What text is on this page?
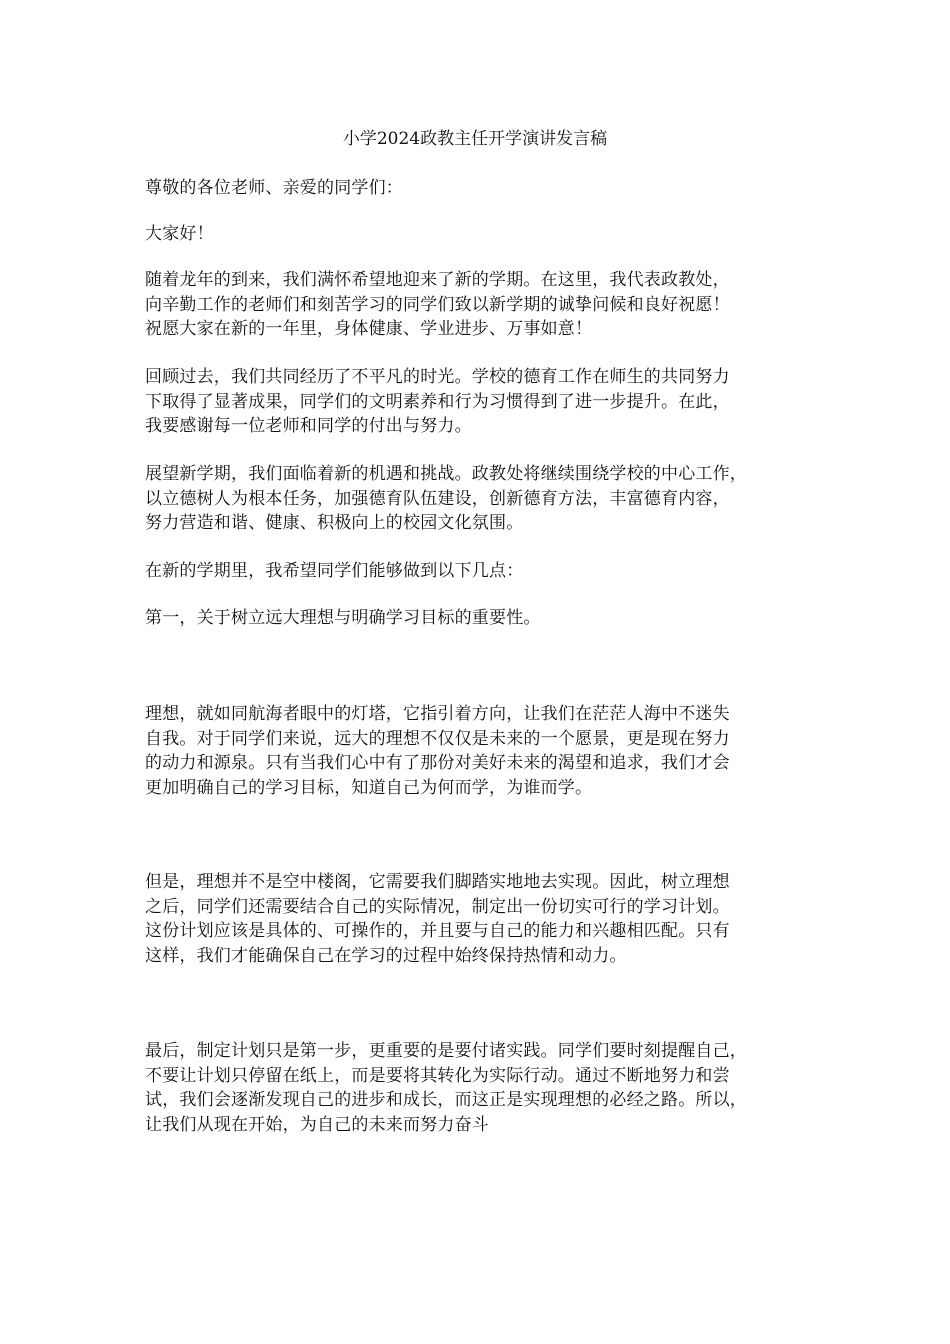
小学2024政教主任开学演讲发言稿

尊敬的各位老师、亲爱的同学们：

大家好！

随着龙年的到来，我们满怀希望地迎来了新的学期。在这里，我代表政教处，
向辛勤工作的老师们和刻苦学习的同学们致以新学期的诚挚问候和良好祝愿！
祝愿大家在新的一年里，身体健康、学业进步、万事如意！

回顾过去，我们共同经历了不平凡的时光。学校的德育工作在师生的共同努力
下取得了显著成果，同学们的文明素养和行为习惯得到了进一步提升。在此，
我要感谢每一位老师和同学的付出与努力。

展望新学期，我们面临着新的机遇和挑战。政教处将继续围绕学校的中心工作，
以立德树人为根本任务，加强德育队伍建设，创新德育方法，丰富德育内容，
努力营造和谐、健康、积极向上的校园文化氛围。

在新的学期里，我希望同学们能够做到以下几点：

第一，关于树立远大理想与明确学习目标的重要性。

理想，就如同航海者眼中的灯塔，它指引着方向，让我们在茫茫人海中不迷失
自我。对于同学们来说，远大的理想不仅仅是未来的一个愿景，更是现在努力
的动力和源泉。只有当我们心中有了那份对美好未来的渴望和追求，我们才会
更加明确自己的学习目标，知道自己为何而学，为谁而学。

但是，理想并不是空中楼阁，它需要我们脚踏实地地去实现。因此，树立理想
之后，同学们还需要结合自己的实际情况，制定出一份切实可行的学习计划。
这份计划应该是具体的、可操作的，并且要与自己的能力和兴趣相匹配。只有
这样，我们才能确保自己在学习的过程中始终保持热情和动力。

最后，制定计划只是第一步，更重要的是要付诸实践。同学们要时刻提醒自己，
不要让计划只停留在纸上，而是要将其转化为实际行动。通过不断地努力和尝
试，我们会逐渐发现自己的进步和成长，而这正是实现理想的必经之路。所以，
让我们从现在开始，为自己的未来而努力奋斗
